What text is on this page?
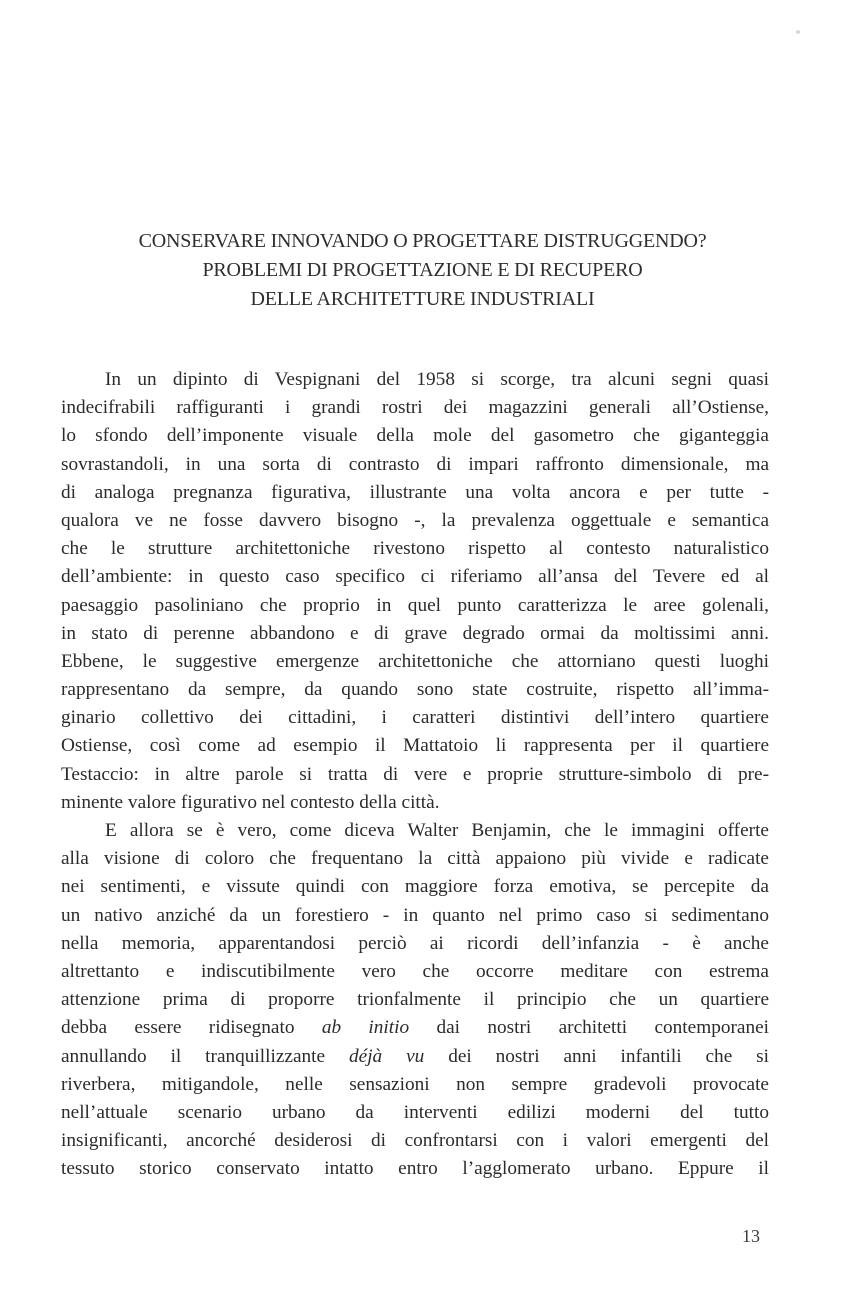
CONSERVARE INNOVANDO O PROGETTARE DISTRUGGENDO?
PROBLEMI DI PROGETTAZIONE E DI RECUPERO
DELLE ARCHITETTURE INDUSTRIALI
In un dipinto di Vespignani del 1958 si scorge, tra alcuni segni quasi
indecifrabili raffiguranti i grandi rostri dei magazzini generali all’Ostiense,
lo sfondo dell’imponente visuale della mole del gasometro che giganteggia
sovrastandoli, in una sorta di contrasto di impari raffronto dimensionale, ma
di analoga pregnanza figurativa, illustrante una volta ancora e per tutte -
qualora ve ne fosse davvero bisogno -, la prevalenza oggettuale e semantica
che le strutture architettoniche rivestono rispetto al contesto naturalistico
dell’ambiente: in questo caso specifico ci riferiamo all’ansa del Tevere ed al
paesaggio pasoliniano che proprio in quel punto caratterizza le aree golenali,
in stato di perenne abbandono e di grave degrado ormai da moltissimi anni.
Ebbene, le suggestive emergenze architettoniche che attorniano questi luoghi
rappresentano da sempre, da quando sono state costruite, rispetto all’imma-
ginario collettivo dei cittadini, i caratteri distintivi dell’intero quartiere
Ostiense, così come ad esempio il Mattatoio li rappresenta per il quartiere
Testaccio: in altre parole si tratta di vere e proprie strutture-simbolo di pre-
minente valore figurativo nel contesto della città.
E allora se è vero, come diceva Walter Benjamin, che le immagini offerte
alla visione di coloro che frequentano la città appaiono più vivide e radicate
nei sentimenti, e vissute quindi con maggiore forza emotiva, se percepite da
un nativo anziché da un forestiero - in quanto nel primo caso si sedimentano
nella memoria, apparentandosi perciò ai ricordi dell’infanzia - è anche
altrettanto e indiscutibilmente vero che occorre meditare con estrema
attenzione prima di proporre trionfalmente il principio che un quartiere
debba essere ridisegnato ab initio dai nostri architetti contemporanei
annullando il tranquillizzante déjà vu dei nostri anni infantili che si
riverbera, mitigandole, nelle sensazioni non sempre gradevoli provocate
nell’attuale scenario urbano da interventi edilizi moderni del tutto
insignificanti, ancorché desiderosi di confrontarsi con i valori emergenti del
tessuto storico conservato intatto entro l’agglomerato urbano. Eppure il
13
